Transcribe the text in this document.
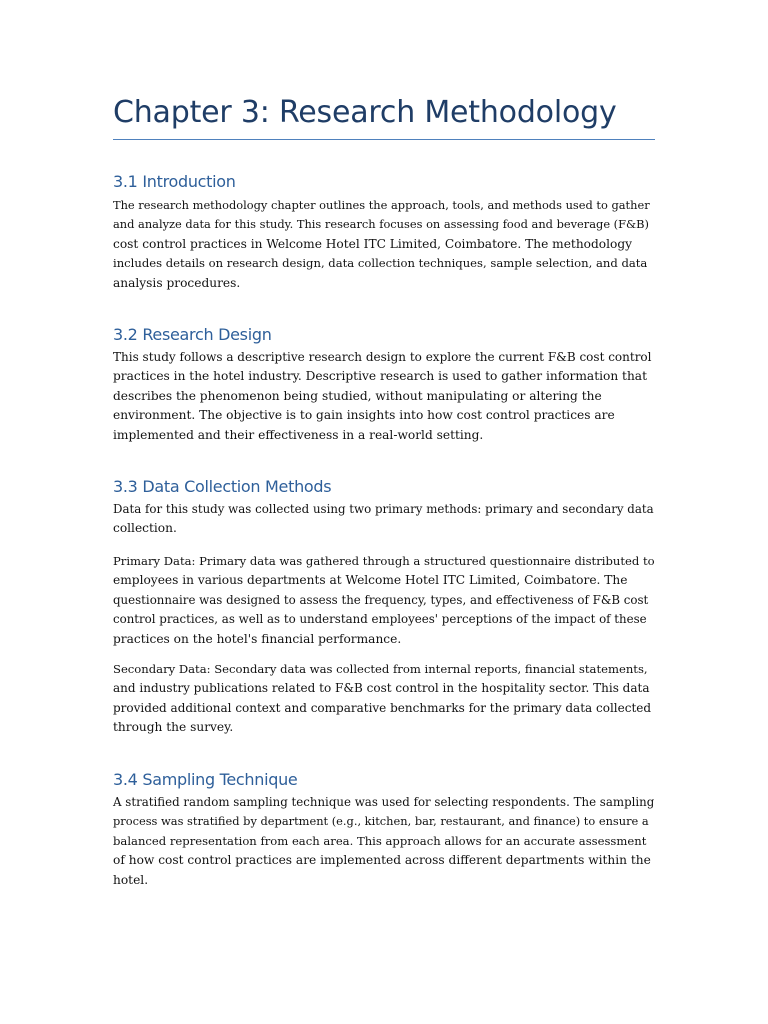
Chapter 3: Research Methodology
3.1 Introduction

The research methodology chapter outlines the approach, tools, and methods used to gather
and analyze data for this study. This research focuses on assessing food and beverage (F&B)
cost control practices in Welcome Hotel ITC Limited, Coimbatore. The methodology
includes details on research design, data collection techniques, sample selection, and data
analysis procedures.

3.2 Research Design

This study follows a descriptive research design to explore the current F&B cost control
practices in the hotel industry. Descriptive research is used to gather information that
describes the phenomenon being studied, without manipulating or altering the
environment. The objective is to gain insights into how cost control practices are
implemented and their effectiveness in a real-world setting.

3.3 Data Collection Methods

Data for this study was collected using two primary methods: primary and secondary data
collection.

Primary Data: Primary data was gathered through a structured questionnaire distributed to
employees in various departments at Welcome Hotel ITC Limited, Coimbatore. The
questionnaire was designed to assess the frequency, types, and effectiveness of F&B cost
control practices, as well as to understand employees' perceptions of the impact of these
practices on the hotel's financial performance.

Secondary Data: Secondary data was collected from internal reports, financial statements,
and industry publications related to F&B cost control in the hospitality sector. This data
provided additional context and comparative benchmarks for the primary data collected
through the survey.

3.4 Sampling Technique

A stratified random sampling technique was used for selecting respondents. The sampling
process was stratified by department (e.g., kitchen, bar, restaurant, and finance) to ensure a
balanced representation from each area. This approach allows for an accurate assessment
of how cost control practices are implemented across different departments within the
hotel.
